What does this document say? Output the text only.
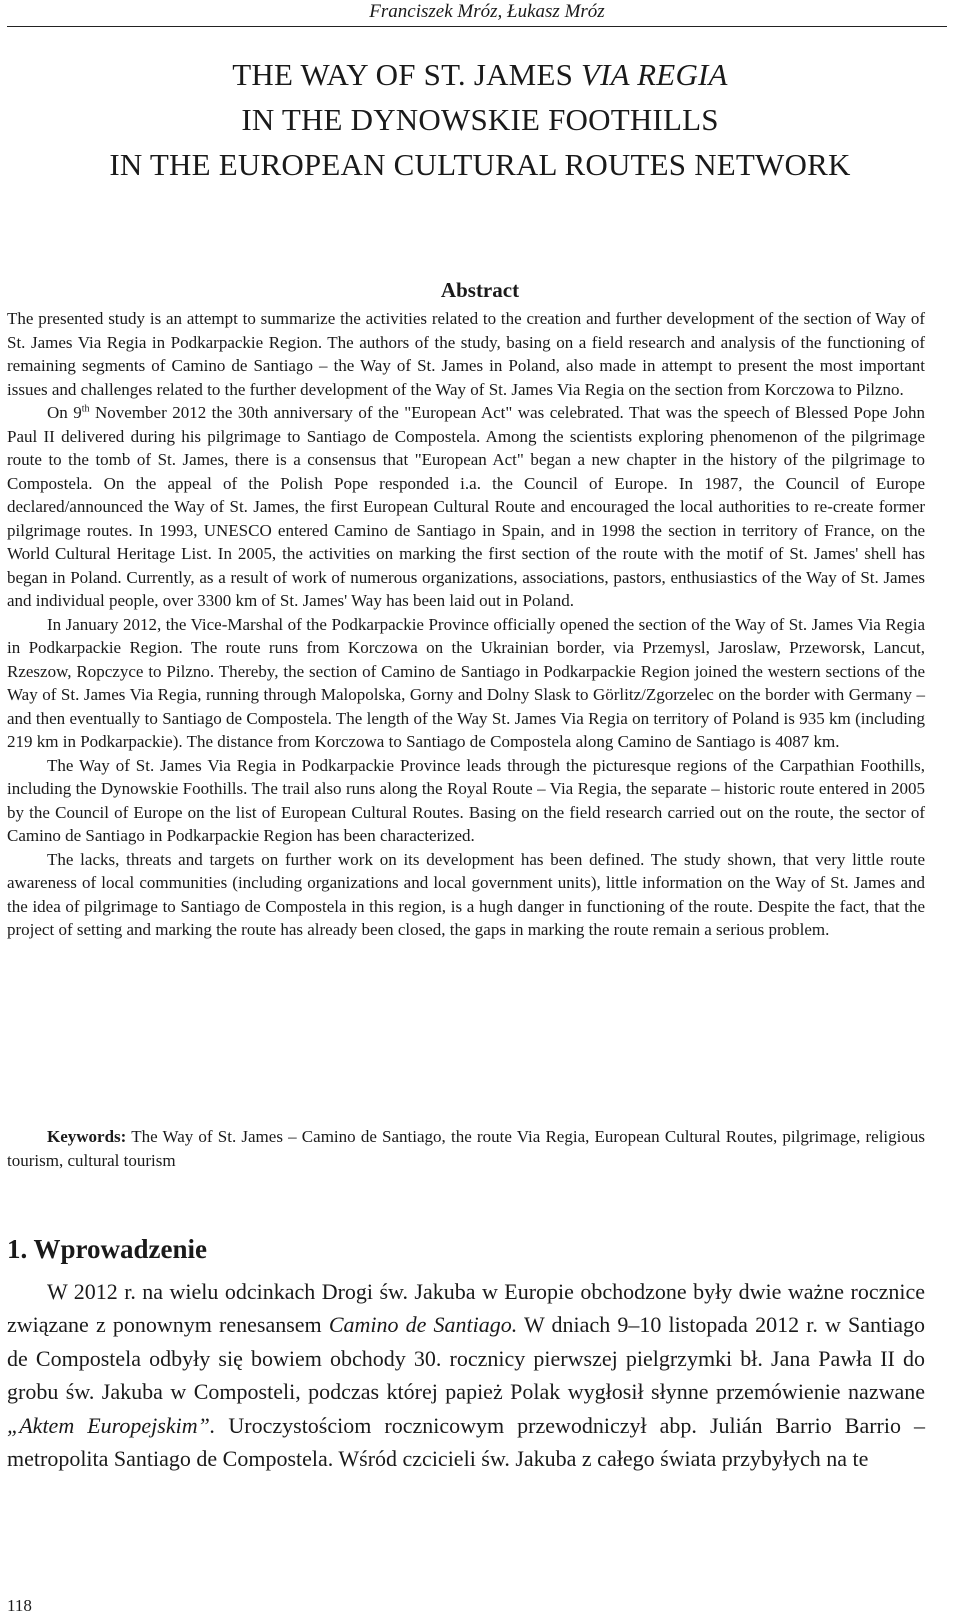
Franciszek Mróz, Łukasz Mróz
THE WAY OF ST. JAMES VIA REGIA
IN THE DYNOWSKIE FOOTHILLS
IN THE EUROPEAN CULTURAL ROUTES NETWORK
Abstract

The presented study is an attempt to summarize the activities related to the creation and further development of the section of Way of St. James Via Regia in Podkarpackie Region. The authors of the study, basing on a field research and analysis of the functioning of remaining segments of Camino de Santiago – the Way of St. James in Poland, also made in attempt to present the most important issues and challenges related to the further development of the Way of St. James Via Regia on the section from Korczowa to Pilzno.

On 9th November 2012 the 30th anniversary of the "European Act" was celebrated. That was the speech of Blessed Pope John Paul II delivered during his pilgrimage to Santiago de Compostela. Among the scientists exploring phenomenon of the pilgrimage route to the tomb of St. James, there is a consensus that "European Act" began a new chapter in the history of the pilgrimage to Compostela. On the appeal of the Polish Pope responded i.a. the Council of Europe. In 1987, the Council of Europe declared/announced the Way of St. James, the first European Cultural Route and encouraged the local authorities to re-create former pilgrimage routes. In 1993, UNESCO entered Camino de Santiago in Spain, and in 1998 the section in territory of France, on the World Cultural Heritage List. In 2005, the activities on marking the first section of the route with the motif of St. James' shell has began in Poland. Currently, as a result of work of numerous organizations, associations, pastors, enthusiastics of the Way of St. James and individual people, over 3300 km of St. James' Way has been laid out in Poland.

In January 2012, the Vice-Marshal of the Podkarpackie Province officially opened the section of the Way of St. James Via Regia in Podkarpackie Region. The route runs from Korczowa on the Ukrainian border, via Przemysl, Jaroslaw, Przeworsk, Lancut, Rzeszow, Ropczyce to Pilzno. Thereby, the section of Camino de Santiago in Podkarpackie Region joined the western sections of the Way of St. James Via Regia, running through Malopolska, Gorny and Dolny Slask to Görlitz/Zgorzelec on the border with Germany – and then eventually to Santiago de Compostela. The length of the Way St. James Via Regia on territory of Poland is 935 km (including 219 km in Podkarpackie). The distance from Korczowa to Santiago de Compostela along Camino de Santiago is 4087 km.

The Way of St. James Via Regia in Podkarpackie Province leads through the picturesque regions of the Carpathian Foothills, including the Dynowskie Foothills. The trail also runs along the Royal Route – Via Regia, the separate – historic route entered in 2005 by the Council of Europe on the list of European Cultural Routes. Basing on the field research carried out on the route, the sector of Camino de Santiago in Podkarpackie Region has been characterized.

The lacks, threats and targets on further work on its development has been defined. The study shown, that very little route awareness of local communities (including organizations and local government units), little information on the Way of St. James and the idea of pilgrimage to Santiago de Compostela in this region, is a hugh danger in functioning of the route. Despite the fact, that the project of setting and marking the route has already been closed, the gaps in marking the route remain a serious problem.

Keywords: The Way of St. James – Camino de Santiago, the route Via Regia, European Cultural Routes, pilgrimage, religious tourism, cultural tourism
1. Wprowadzenie

W 2012 r. na wielu odcinkach Drogi św. Jakuba w Europie obchodzone były dwie ważne rocznice związane z ponownym renesansem Camino de Santiago. W dniach 9–10 listopada 2012 r. w Santiago de Compostela odbyły się bowiem obchody 30. rocznicy pierwszej pielgrzymki bł. Jana Pawła II do grobu św. Jakuba w Composteli, podczas której papież Polak wygłosił słynne przemówienie nazwane „Aktem Europejskim”. Uroczystościom rocznicowym przewodniczył abp. Julián Barrio Barrio – metropolita Santiago de Compostela. Wśród czcicieli św. Jakuba z całego świata przybyłych na te

118
